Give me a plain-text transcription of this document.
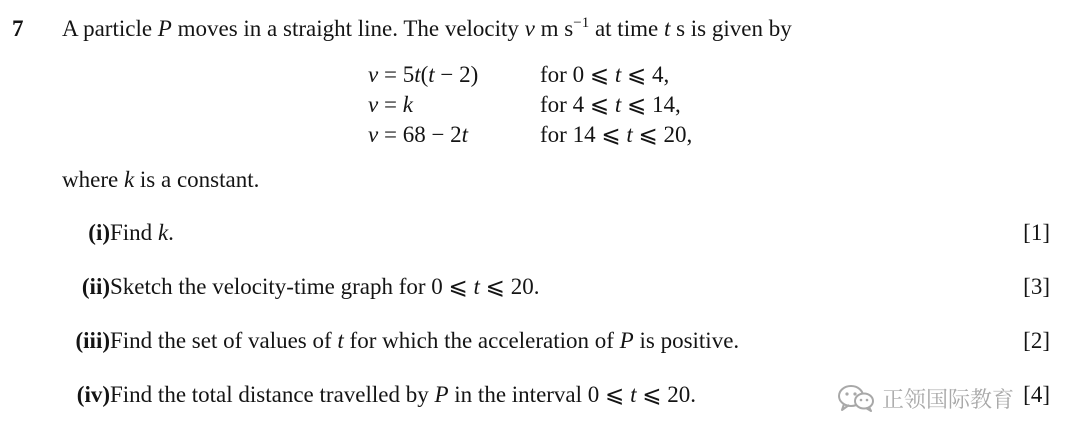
7 A particle P moves in a straight line. The velocity v m $s^{-1}$ at time t s is given by
v = 5t(t − 2)	for 0 ⩽ t ⩽ 4,
v = k	for 4 ⩽ t ⩽ 14,
v = 68 − 2t	for 14 ⩽ t ⩽ 20,
where k is a constant.
(i) Find k.	[1]
(ii) Sketch the velocity-time graph for 0 ⩽ t ⩽ 20.	[3]
(iii) Find the set of values of t for which the acceleration of P is positive.	[2]
(iv) Find the total distance travelled by P in the interval 0 ⩽ t ⩽ 20.	[4]
正领国际教育
